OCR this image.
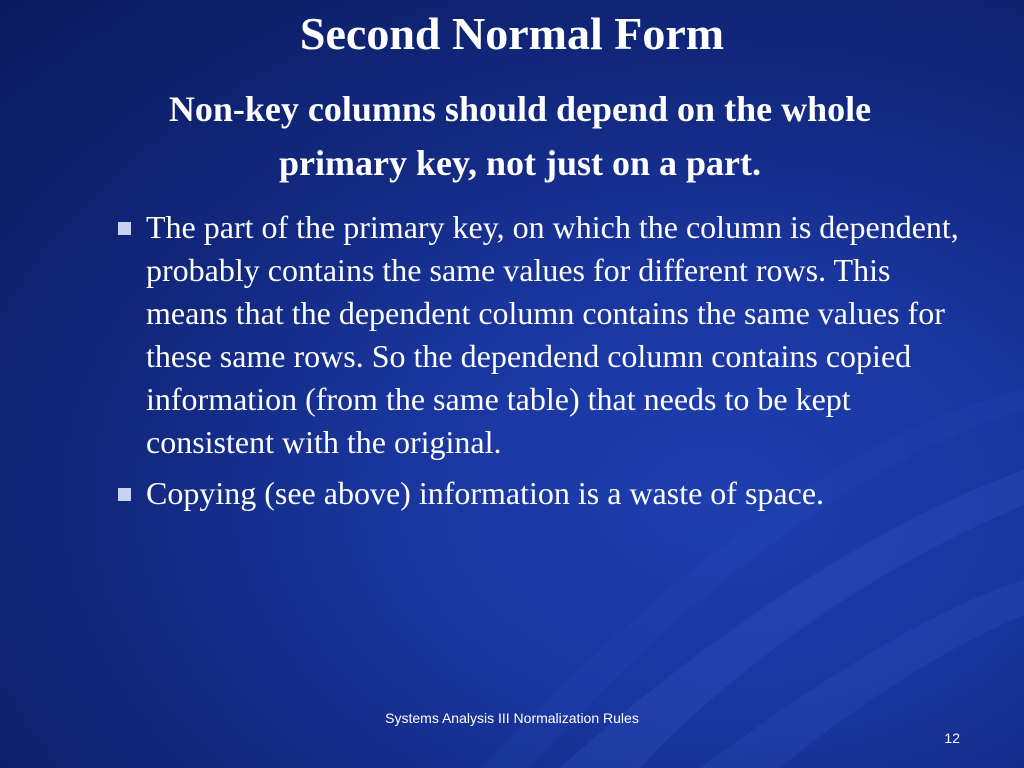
Second Normal Form
Non-key columns should depend on the whole primary key, not just on a part.
The part of the primary key, on which the column is dependent, probably contains the same values for different rows. This means that the dependent column contains the same values for these same rows. So the dependend column contains copied information (from the same table) that needs to be kept consistent with the original.
Copying (see above) information is a waste of space.
Systems Analysis III Normalization Rules
12
